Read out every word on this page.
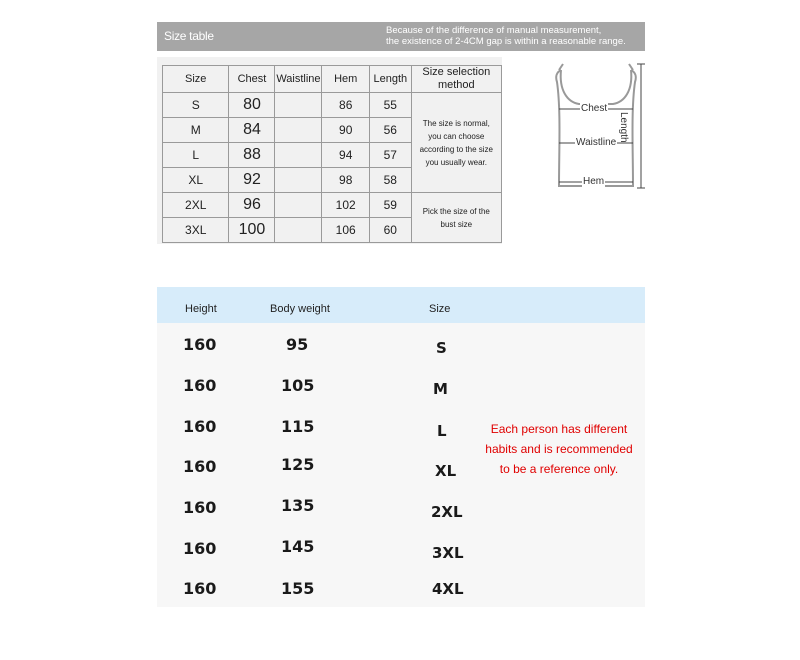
Size table	Because of the difference of manual measurement,
the existence of 2-4CM gap is within a reasonable range.
Size	Chest	Waistline	Hem	Length	Size selection method
S	80		86	55	The size is normal, you can choose according to the size you usually wear.
M	84		90	56	
L	88		94	57	
XL	92		98	58	
2XL	96		102	59	Pick the size of the bust size
3XL	100		106	60	
Chest
Waistline
Hem
Length
Height	Body weight	Size
160	95	S
160	105	M
160	115	L
160	125	XL
160	135	2XL
160	145	3XL
160	155	4XL
Each person has different
habits and is recommended
to be a reference only.
